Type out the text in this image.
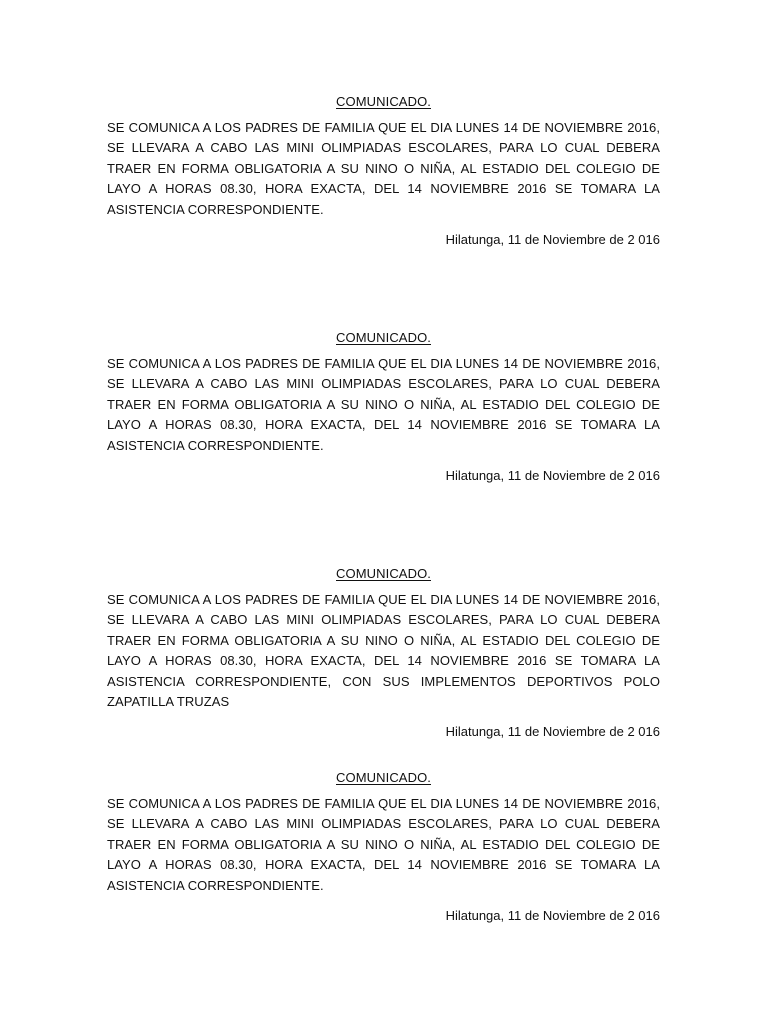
COMUNICADO.

SE COMUNICA A LOS PADRES DE FAMILIA QUE EL DIA LUNES 14 DE NOVIEMBRE 2016, SE LLEVARA A CABO LAS MINI OLIMPIADAS ESCOLARES, PARA LO CUAL DEBERA TRAER EN FORMA OBLIGATORIA A SU NINO O NIÑA, AL ESTADIO DEL COLEGIO DE LAYO A HORAS 08.30, HORA EXACTA, DEL 14 NOVIEMBRE 2016 SE TOMARA LA ASISTENCIA CORRESPONDIENTE.

Hilatunga, 11 de Noviembre de 2 016

COMUNICADO.

SE COMUNICA A LOS PADRES DE FAMILIA QUE EL DIA LUNES 14 DE NOVIEMBRE 2016, SE LLEVARA A CABO LAS MINI OLIMPIADAS ESCOLARES, PARA LO CUAL DEBERA TRAER EN FORMA OBLIGATORIA A SU NINO O NIÑA, AL ESTADIO DEL COLEGIO DE LAYO A HORAS 08.30, HORA EXACTA, DEL 14 NOVIEMBRE 2016 SE TOMARA LA ASISTENCIA CORRESPONDIENTE.

Hilatunga, 11 de Noviembre de 2 016

COMUNICADO.

SE COMUNICA A LOS PADRES DE FAMILIA QUE EL DIA LUNES 14 DE NOVIEMBRE 2016, SE LLEVARA A CABO LAS MINI OLIMPIADAS ESCOLARES, PARA LO CUAL DEBERA TRAER EN FORMA OBLIGATORIA A SU NINO O NIÑA, AL ESTADIO DEL COLEGIO DE LAYO A HORAS 08.30, HORA EXACTA, DEL 14 NOVIEMBRE 2016 SE TOMARA LA ASISTENCIA CORRESPONDIENTE, CON SUS IMPLEMENTOS DEPORTIVOS POLO ZAPATILLA TRUZAS

Hilatunga, 11 de Noviembre de 2 016

COMUNICADO.

SE COMUNICA A LOS PADRES DE FAMILIA QUE EL DIA LUNES 14 DE NOVIEMBRE 2016, SE LLEVARA A CABO LAS MINI OLIMPIADAS ESCOLARES, PARA LO CUAL DEBERA TRAER EN FORMA OBLIGATORIA A SU NINO O NIÑA, AL ESTADIO DEL COLEGIO DE LAYO A HORAS 08.30, HORA EXACTA, DEL 14 NOVIEMBRE 2016 SE TOMARA LA ASISTENCIA CORRESPONDIENTE.

Hilatunga, 11 de Noviembre de 2 016
